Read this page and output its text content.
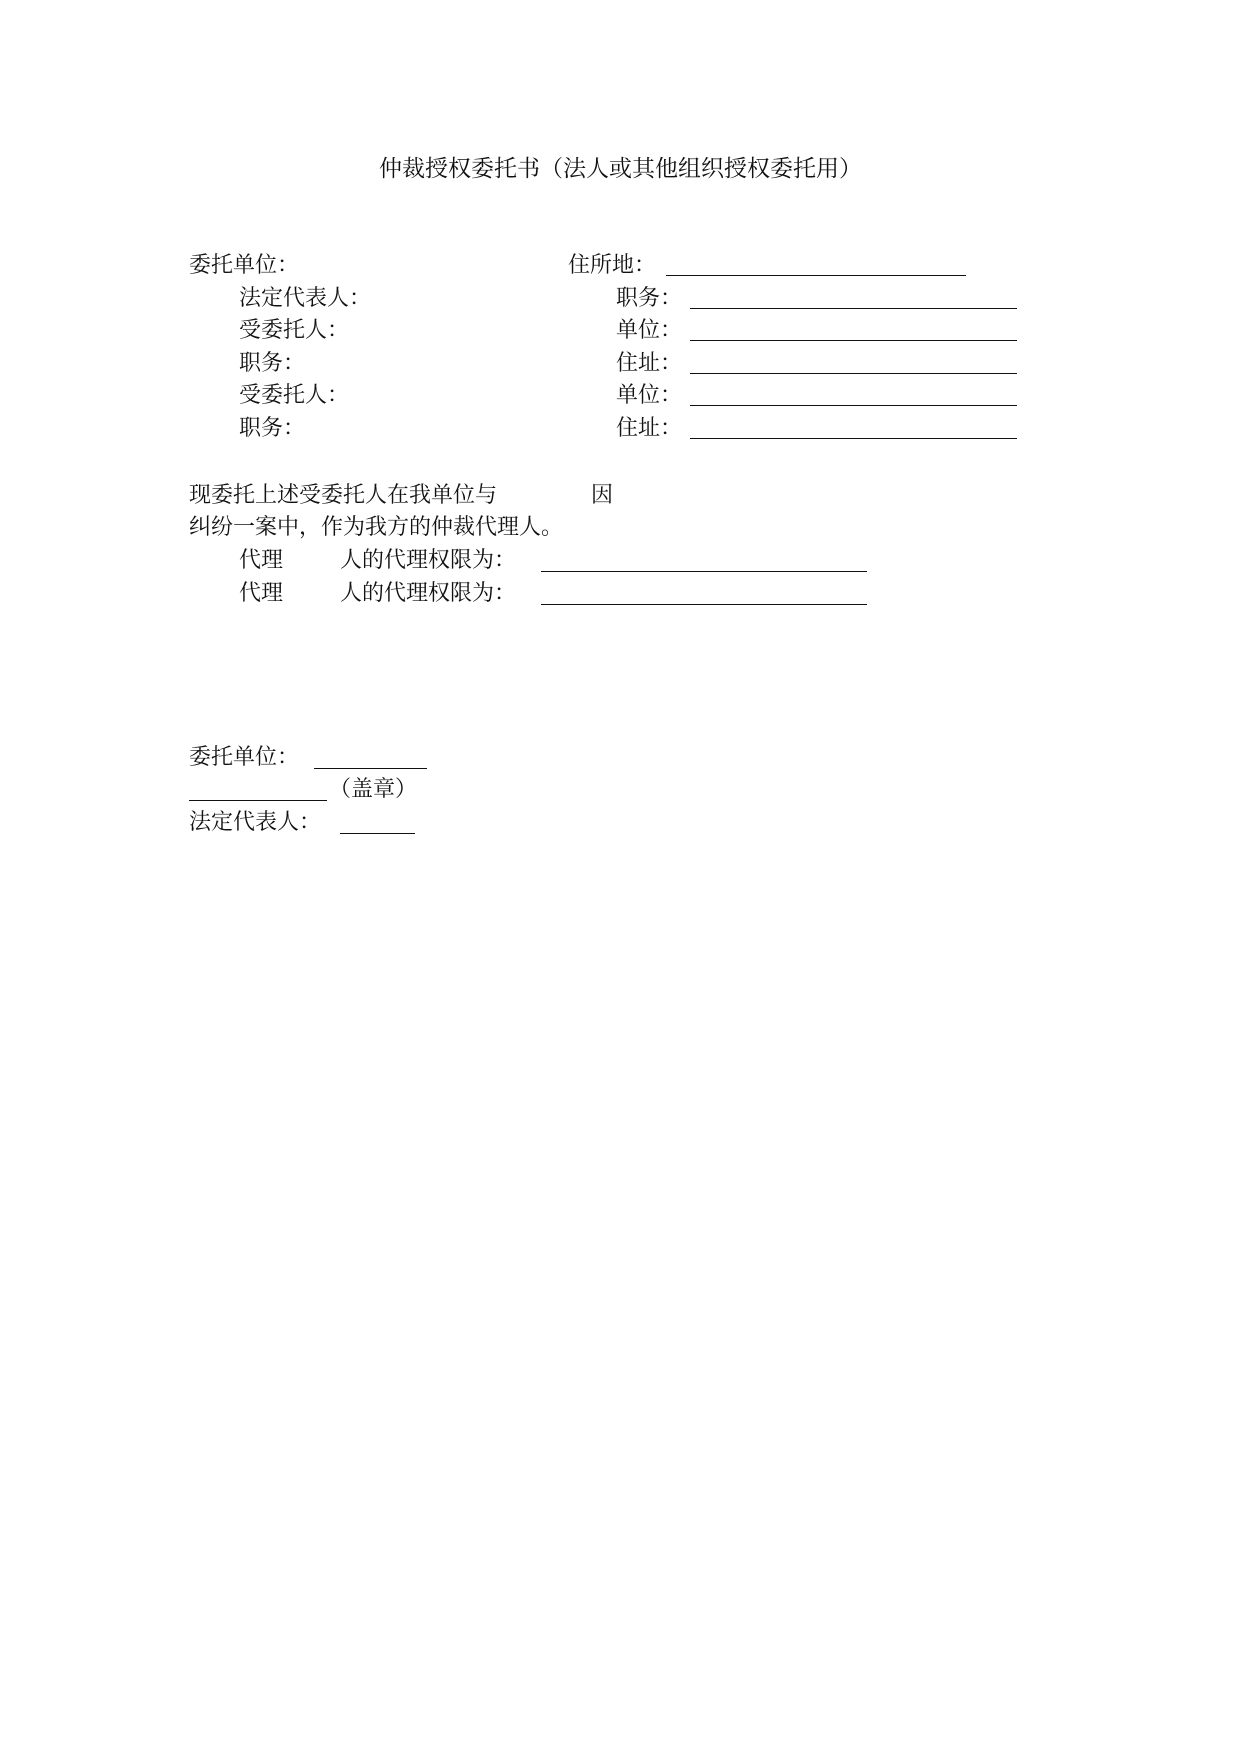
仲裁授权委托书（法人或其他组织授权委托用）
委托单位：	住所地：
法定代表人：	职务：
受委托人：	单位：
职务：	住址：
受委托人：	单位：
职务：	住址：
现委托上述受委托人在我单位与	因
纠纷一案中，作为我方的仲裁代理人。
代理	人的代理权限为：
代理	人的代理权限为：
委托单位：
（盖章）
法定代表人：
